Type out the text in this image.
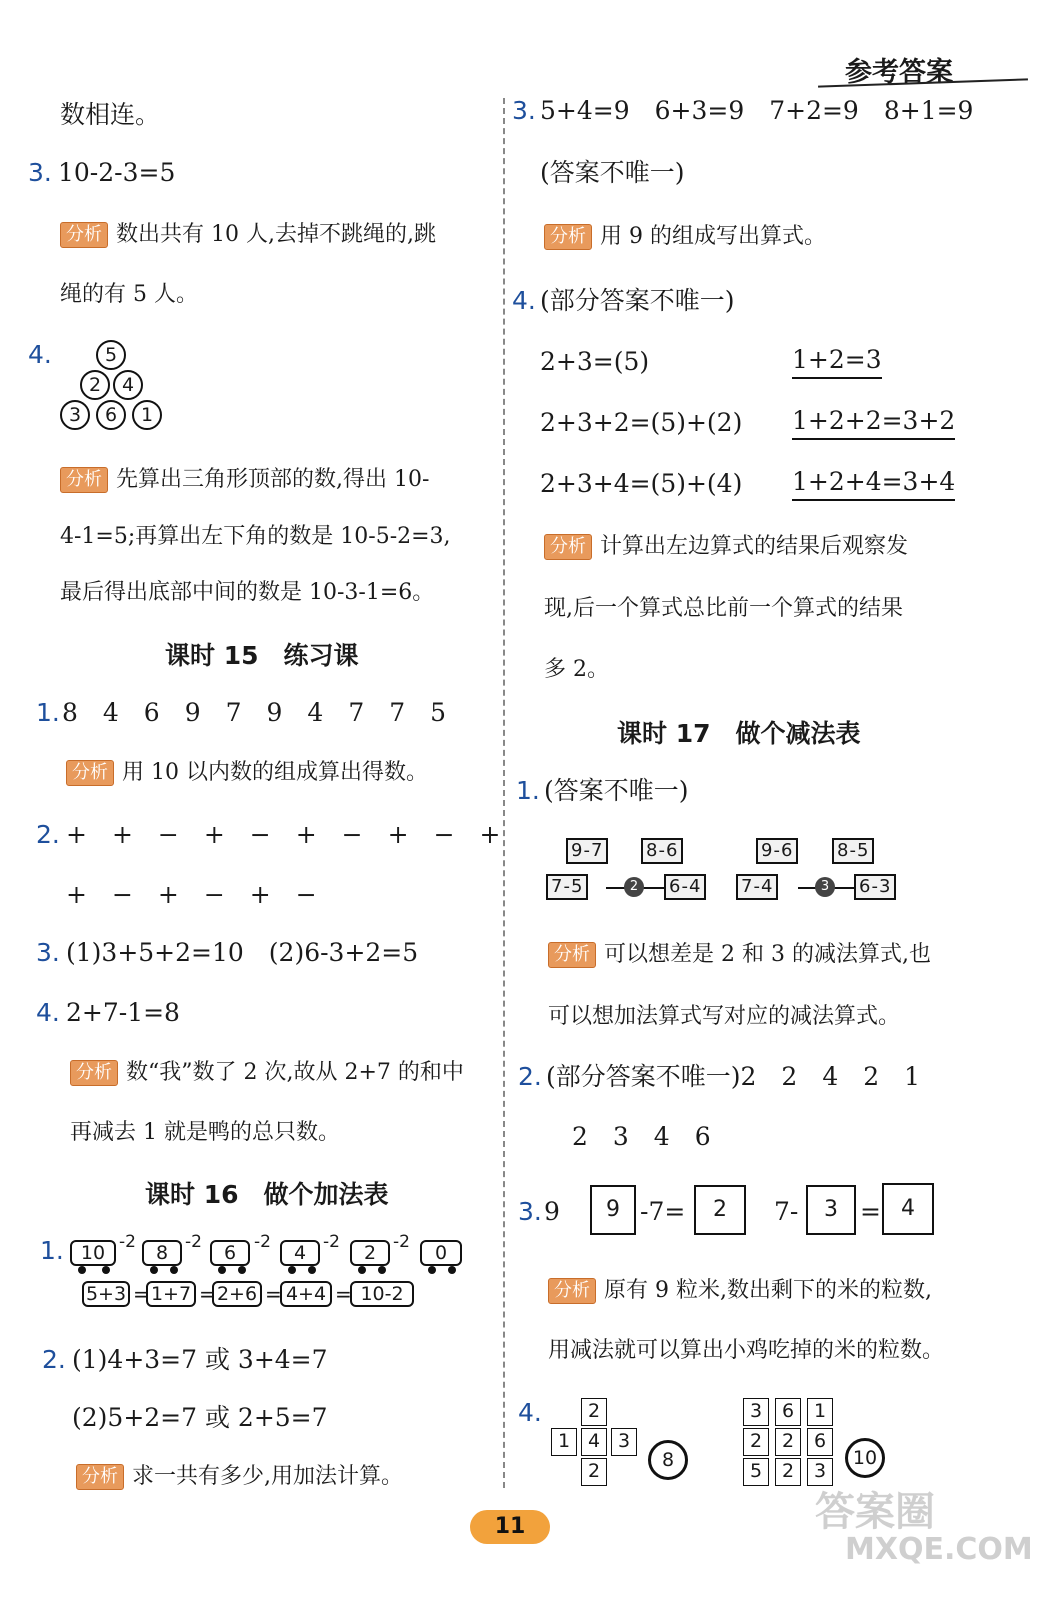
参考答案
数相连。
3. 10-2-3=5
分析 数出共有 10 人,去掉不跳绳的,跳
绳的有 5 人。
4.	5
2	4
3	6	1
分析 先算出三角形顶部的数,得出 10-
4-1=5;再算出左下角的数是 10-5-2=3,
最后得出底部中间的数是 10-3-1=6。
课时 15　练习课
1. 8　4　6　9　7　9　4　7　7　5
分析 用 10 以内数的组成算出得数。
2. +　+　−　+　−　+　−　+　−　+
+　−　+　−　+　−
3. (1)3+5+2=10　(2)6-3+2=5
4. 2+7-1=8
分析 数“我”数了 2 次,故从 2+7 的和中
再减去 1 就是鸭的总只数。
课时 16　做个加法表
1. 10 -2	8 -2	6	-2	4 -2	2 -2	0
5+3 = 1+7 = 2+6 = 4+4 = 10-2
2. (1)4+3=7 或 3+4=7
(2)5+2=7 或 2+5=7
分析 求一共有多少,用加法计算。
3. 5+4=9　6+3=9　7+2=9　8+1=9
(答案不唯一)
分析 用 9 的组成写出算式。
4. (部分答案不唯一)
2+3=(5)	1+2=3
2+3+2=(5)+(2) 1+2+2=3+2
2+3+4=(5)+(4) 1+2+4=3+4
分析 计算出左边算式的结果后观察发
现,后一个算式总比前一个算式的结果
多 2。
课时 17　做个减法表
1. (答案不唯一)
9-7 8-6
7-5	6-4
2
9-6 8-5
7-4	6-3
3
分析 可以想差是 2 和 3 的减法算式,也
可以想加法算式写对应的减法算式。
2. (部分答案不唯一)2　2　4　2　1
2　3　4　6
3. 9	9 -7=	2	7-	3 = 4
分析 原有 9 粒米,数出剩下的米的粒数,
用减法就可以算出小鸡吃掉的米的粒数。
4.	2
1 4 3
2	8
3	6	1
2	2	6
5	2	3
10
11	答案圈
MXQE.COM
